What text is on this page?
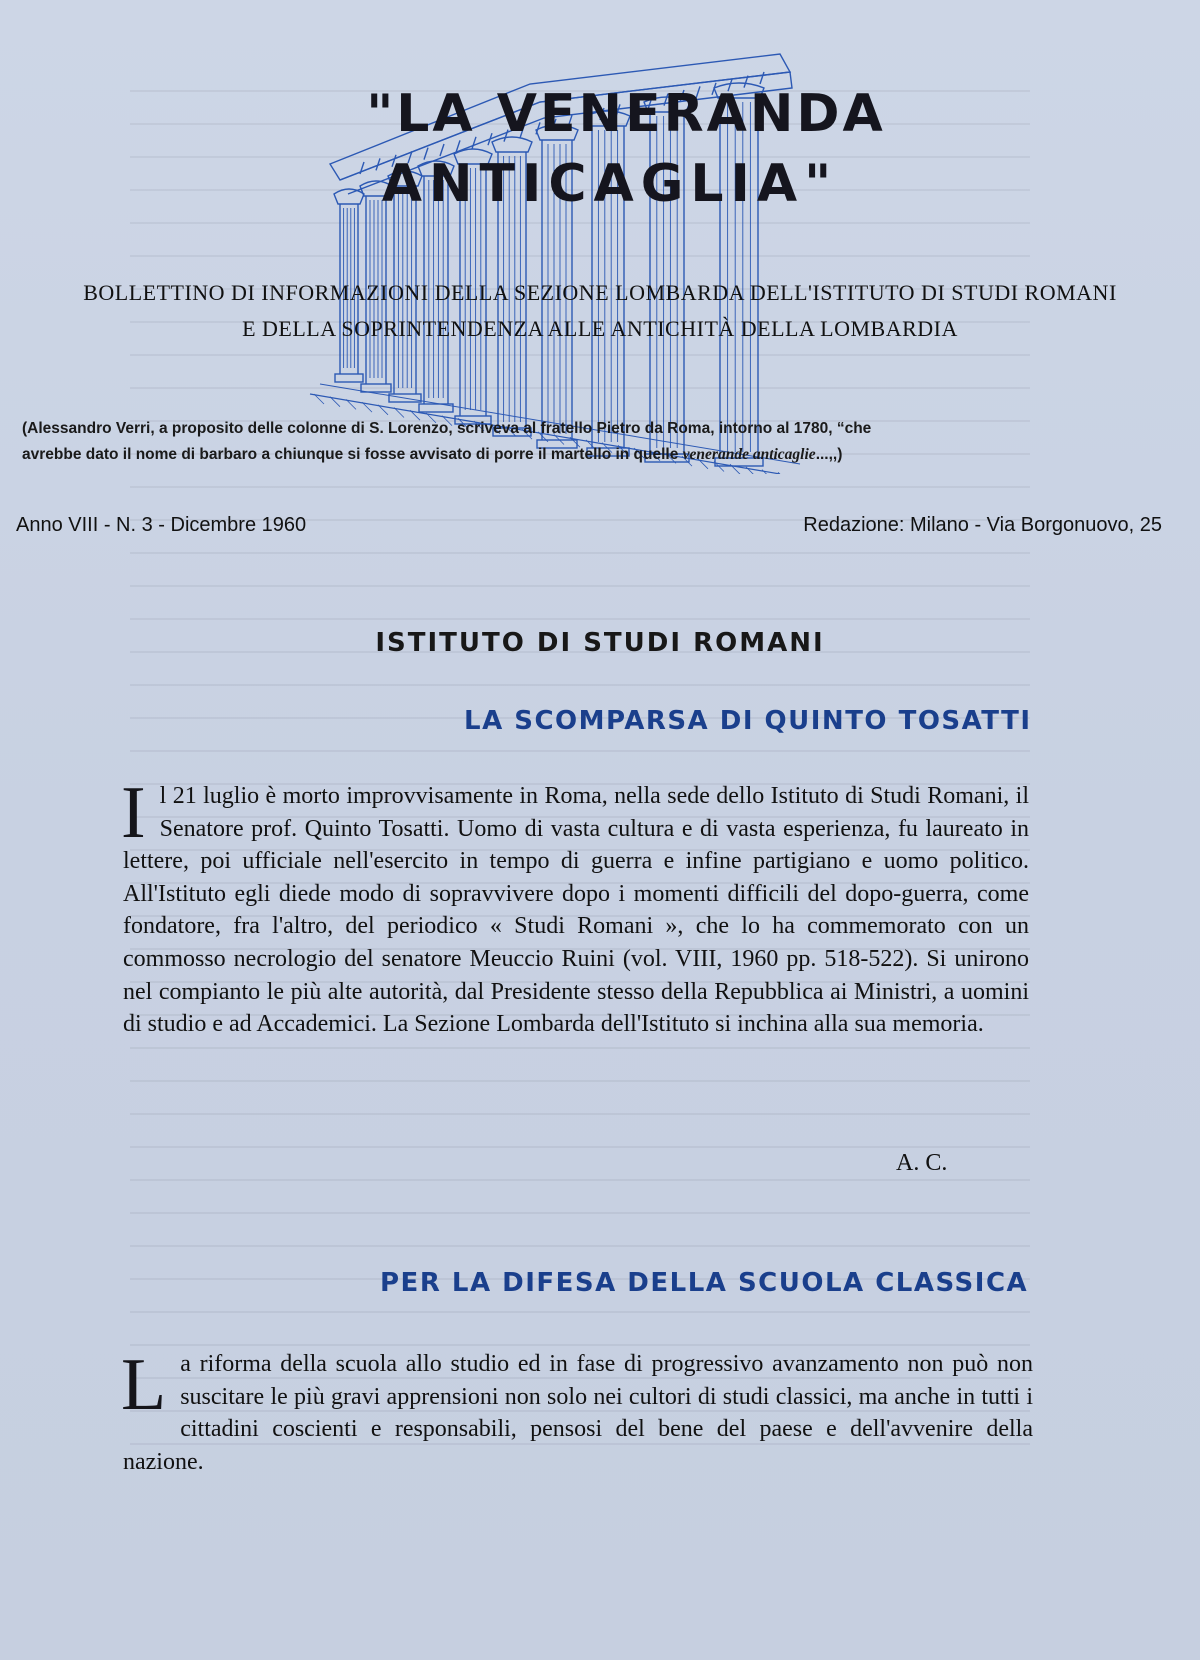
"LA VENERANDA
ANTICAGLIA"
BOLLETTINO DI INFORMAZIONI DELLA SEZIONE LOMBARDA DELL'ISTITUTO DI STUDI ROMANI
E DELLA SOPRINTENDENZA ALLE ANTICHITÀ DELLA LOMBARDIA
(Alessandro Verri, a proposito delle colonne di S. Lorenzo, scriveva al fratello Pietro da Roma, intorno al 1780, “che
avrebbe dato il nome di barbaro a chiunque si fosse avvisato di porre il martello in quelle venerande anticaglie...,,)
Anno VIII - N. 3 - Dicembre 1960	Redazione: Milano - Via Borgonuovo, 25
ISTITUTO DI STUDI ROMANI
LA SCOMPARSA DI QUINTO TOSATTI
I l 21 luglio è morto improvvisamente in Roma, nella sede dello Istituto di Studi Romani, il Senatore prof. Quinto Tosatti. Uomo di vasta cultura e di vasta esperienza, fu laureato in lettere, poi ufficiale nell'esercito in tempo di guerra e infine partigiano e uomo politico. All'Istituto egli diede modo di sopravvivere dopo i momenti difficili del dopo-guerra, come fondatore, fra l'altro, del periodico « Studi Romani », che lo ha commemorato con un commosso necrologio del senatore Meuccio Ruini (vol. VIII, 1960 pp. 518-522). Si unirono nel compianto le più alte autorità, dal Presidente stesso della Repubblica ai Ministri, a uomini di studio e ad Accademici. La Sezione Lombarda dell'Istituto si inchina alla sua memoria.
A. C.
PER LA DIFESA DELLA SCUOLA CLASSICA
L a riforma della scuola allo studio ed in fase di progressivo avanzamento non può non suscitare le più gravi apprensioni non solo nei cultori di studi classici, ma anche in tutti i cittadini coscienti e responsabili, pensosi del bene del paese e dell'avvenire della nazione.
